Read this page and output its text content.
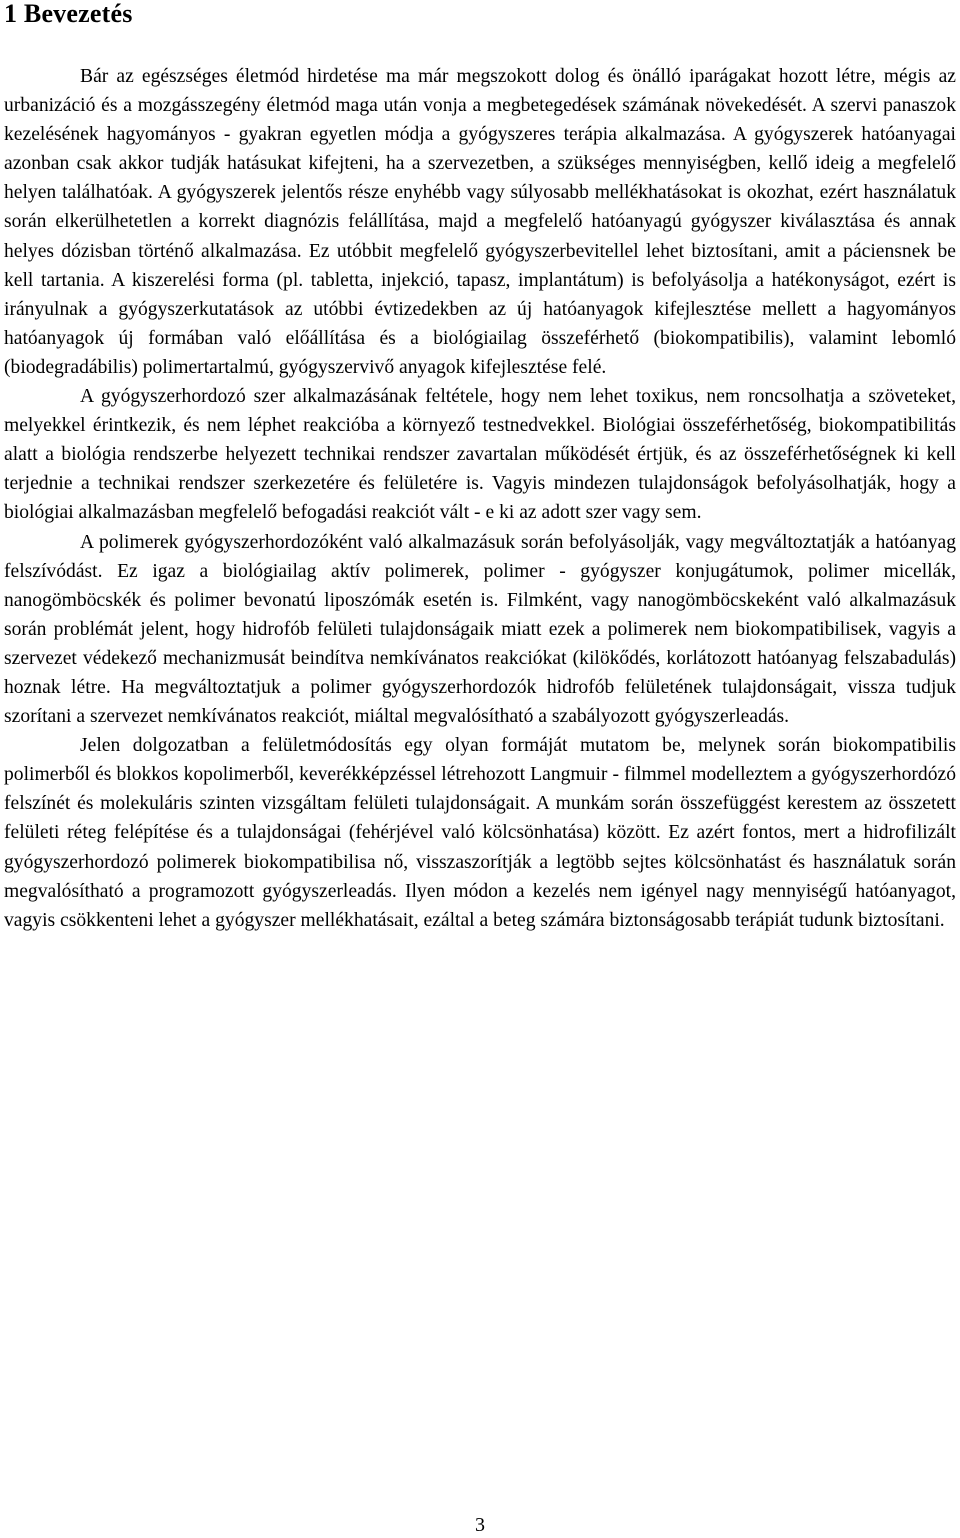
1 Bevezetés

Bár az egészséges életmód hirdetése ma már megszokott dolog és önálló iparágakat hozott létre, mégis az urbanizáció és a mozgásszegény életmód maga után vonja a megbetegedések számának növekedését. A szervi panaszok kezelésének hagyományos - gyakran egyetlen módja a gyógyszeres terápia alkalmazása. A gyógyszerek hatóanyagai azonban csak akkor tudják hatásukat kifejteni, ha a szervezetben, a szükséges mennyiségben, kellő ideig a megfelelő helyen találhatóak. A gyógyszerek jelentős része enyhébb vagy súlyosabb mellékhatásokat is okozhat, ezért használatuk során elkerülhetetlen a korrekt diagnózis felállítása, majd a megfelelő hatóanyagú gyógyszer kiválasztása és annak helyes dózisban történő alkalmazása. Ez utóbbit megfelelő gyógyszerbevitellel lehet biztosítani, amit a páciensnek be kell tartania. A kiszerelési forma (pl. tabletta, injekció, tapasz, implantátum) is befolyásolja a hatékonyságot, ezért is irányulnak a gyógyszerkutatások az utóbbi évtizedekben az új hatóanyagok kifejlesztése mellett a hagyományos hatóanyagok új formában való előállítása és a biológiailag összeférhető (biokompatibilis), valamint lebomló (biodegradábilis) polimertartalmú, gyógyszervivő anyagok kifejlesztése felé.

A gyógyszerhordozó szer alkalmazásának feltétele, hogy nem lehet toxikus, nem roncsolhatja a szöveteket, melyekkel érintkezik, és nem léphet reakcióba a környező testnedvekkel. Biológiai összeférhetőség, biokompatibilitás alatt a biológia rendszerbe helyezett technikai rendszer zavartalan működését értjük, és az összeférhetőségnek ki kell terjednie a technikai rendszer szerkezetére és felületére is. Vagyis mindezen tulajdonságok befolyásolhatják, hogy a biológiai alkalmazásban megfelelő befogadási reakciót vált - e ki az adott szer vagy sem.

A polimerek gyógyszerhordozóként való alkalmazásuk során befolyásolják, vagy megváltoztatják a hatóanyag felszívódást. Ez igaz a biológiailag aktív polimerek, polimer - gyógyszer konjugátumok, polimer micellák, nanogömböcskék és polimer bevonatú liposzómák esetén is. Filmként, vagy nanogömböcskeként való alkalmazásuk során problémát jelent, hogy hidrofób felületi tulajdonságaik miatt ezek a polimerek nem biokompatibilisek, vagyis a szervezet védekező mechanizmusát beindítva nemkívánatos reakciókat (kilökődés, korlátozott hatóanyag felszabadulás) hoznak létre. Ha megváltoztatjuk a polimer gyógyszerhordozók hidrofób felületének tulajdonságait, vissza tudjuk szorítani a szervezet nemkívánatos reakciót, miáltal megvalósítható a szabályozott gyógyszerleadás.

Jelen dolgozatban a felületmódosítás egy olyan formáját mutatom be, melynek során biokompatibilis polimerből és blokkos kopolimerből, keverékképzéssel létrehozott Langmuir - filmmel modelleztem a gyógyszerhordózó felszínét és molekuláris szinten vizsgáltam felületi tulajdonságait. A munkám során összefüggést kerestem az összetett felületi réteg felépítése és a tulajdonságai (fehérjével való kölcsönhatása) között. Ez azért fontos, mert a hidrofilizált gyógyszerhordozó polimerek biokompatibilisa nő, visszaszorítják a legtöbb sejtes kölcsönhatást és használatuk során megvalósítható a programozott gyógyszerleadás. Ilyen módon a kezelés nem igényel nagy mennyiségű hatóanyagot, vagyis csökkenteni lehet a gyógyszer mellékhatásait, ezáltal a beteg számára biztonságosabb terápiát tudunk biztosítani.

3
